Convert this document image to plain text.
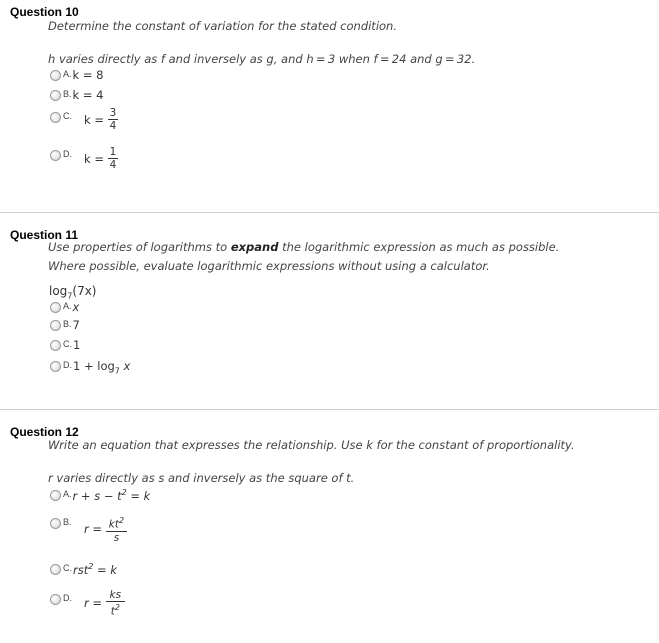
Question 10
Determine the constant of variation for the stated condition.
h varies directly as f and inversely as g, and h = 3 when f = 24 and g = 32.
A. k = 8
B. k = 4
C. k =
$\frac{3}{4}$
D. k =
$\frac{1}{4}$
Question 11
Use properties of logarithms to expand the logarithmic expression as much as possible.
Where possible, evaluate logarithmic expressions without using a calculator.
$\log_7(7x)$
A. x
B. 7
C. 1
D. $1 + \log_7 x$
Question 12
Write an equation that expresses the relationship. Use k for the constant of proportionality.
r varies directly as s and inversely as the square of t.
A. $r + s - t^2 = k$
B.
r =
$\frac{kt^2}{s}$
C. rst$^2$ = k
D. r =
$\frac{ks}{t^2}$
